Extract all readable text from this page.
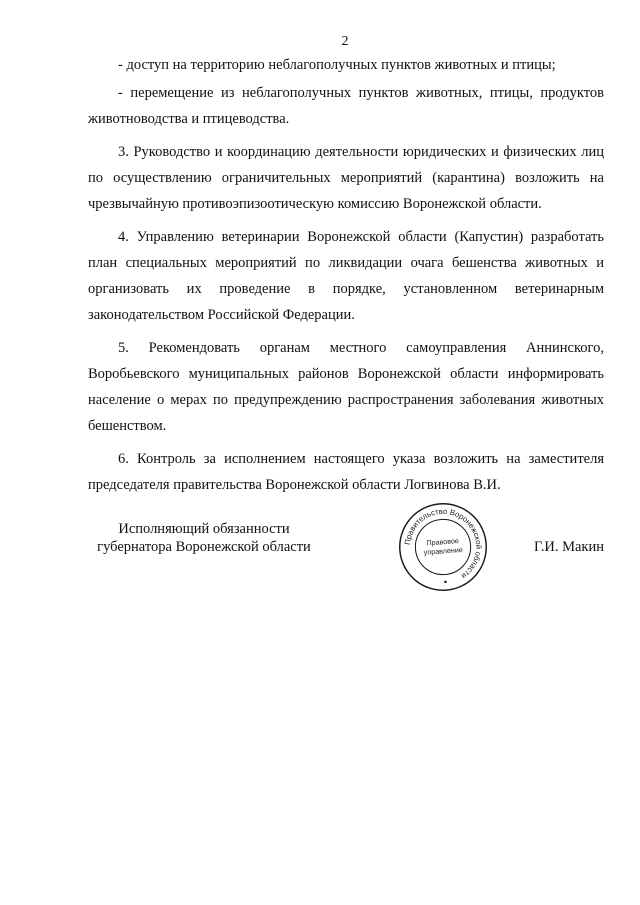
2

- доступ на территорию неблагополучных пунктов животных и птицы;

- перемещение из неблагополучных пунктов животных, птицы, продуктов животноводства и птицеводства.

3. Руководство и координацию деятельности юридических и физических лиц по осуществлению ограничительных мероприятий (карантина) возложить на чрезвычайную противоэпизоотическую комиссию Воронежской области.

4. Управлению ветеринарии Воронежской области (Капустин) разработать план специальных мероприятий по ликвидации очага бешенства животных и организовать их проведение в порядке, установленном ветеринарным законодательством Российской Федерации.

5. Рекомендовать органам местного самоуправления Аннинского, Воробьевского муниципальных районов Воронежской области информировать население о мерах по предупреждению распространения заболевания животных бешенством.

6. Контроль за исполнением настоящего указа возложить на заместителя председателя правительства Воронежской области Логвинова В.И.

Исполняющий обязанности
губернатора Воронежской области	Г.И. Макин
Правительство Воронежской области
Правовое
управление
